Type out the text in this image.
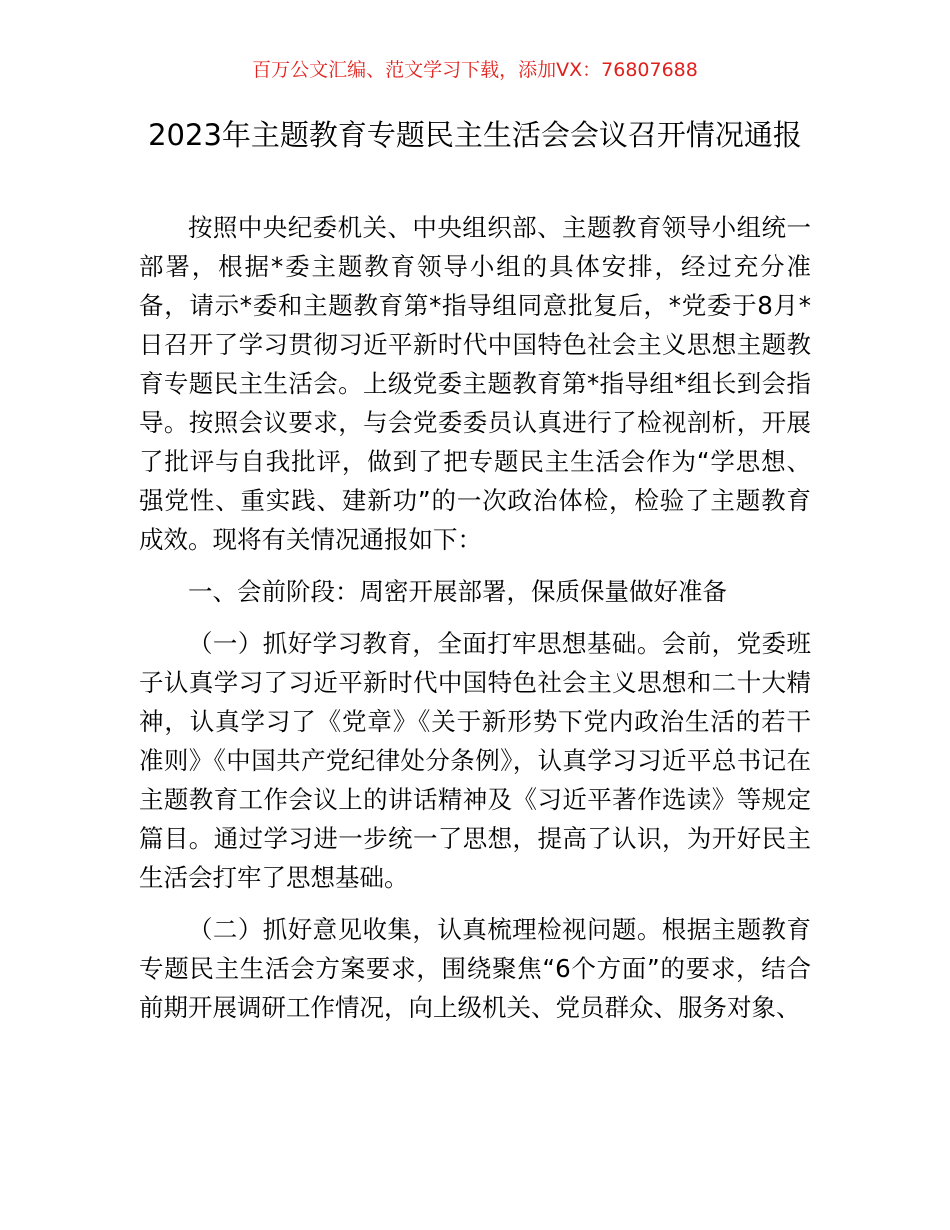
百万公文汇编、范文学习下载，添加VX：76807688
2023年主题教育专题民主生活会会议召开情况通报

按照中央纪委机关、中央组织部、主题教育领导小组统一部署，根据*委主题教育领导小组的具体安排，经过充分准备，请示*委和主题教育第*指导组同意批复后，*党委于8月*日召开了学习贯彻习近平新时代中国特色社会主义思想主题教育专题民主生活会。上级党委主题教育第*指导组*组长到会指导。按照会议要求，与会党委委员认真进行了检视剖析，开展了批评与自我批评，做到了把专题民主生活会作为“学思想、强党性、重实践、建新功”的一次政治体检，检验了主题教育成效。现将有关情况通报如下：

一、会前阶段：周密开展部署，保质保量做好准备

（一）抓好学习教育，全面打牢思想基础。会前，党委班子认真学习了习近平新时代中国特色社会主义思想和二十大精神，认真学习了《党章》《关于新形势下党内政治生活的若干准则》《中国共产党纪律处分条例》，认真学习习近平总书记在主题教育工作会议上的讲话精神及《习近平著作选读》等规定篇目。通过学习进一步统一了思想，提高了认识，为开好民主生活会打牢了思想基础。

（二）抓好意见收集，认真梳理检视问题。根据主题教育专题民主生活会方案要求，围绕聚焦“6个方面”的要求，结合前期开展调研工作情况，向上级机关、党员群众、服务对象、
